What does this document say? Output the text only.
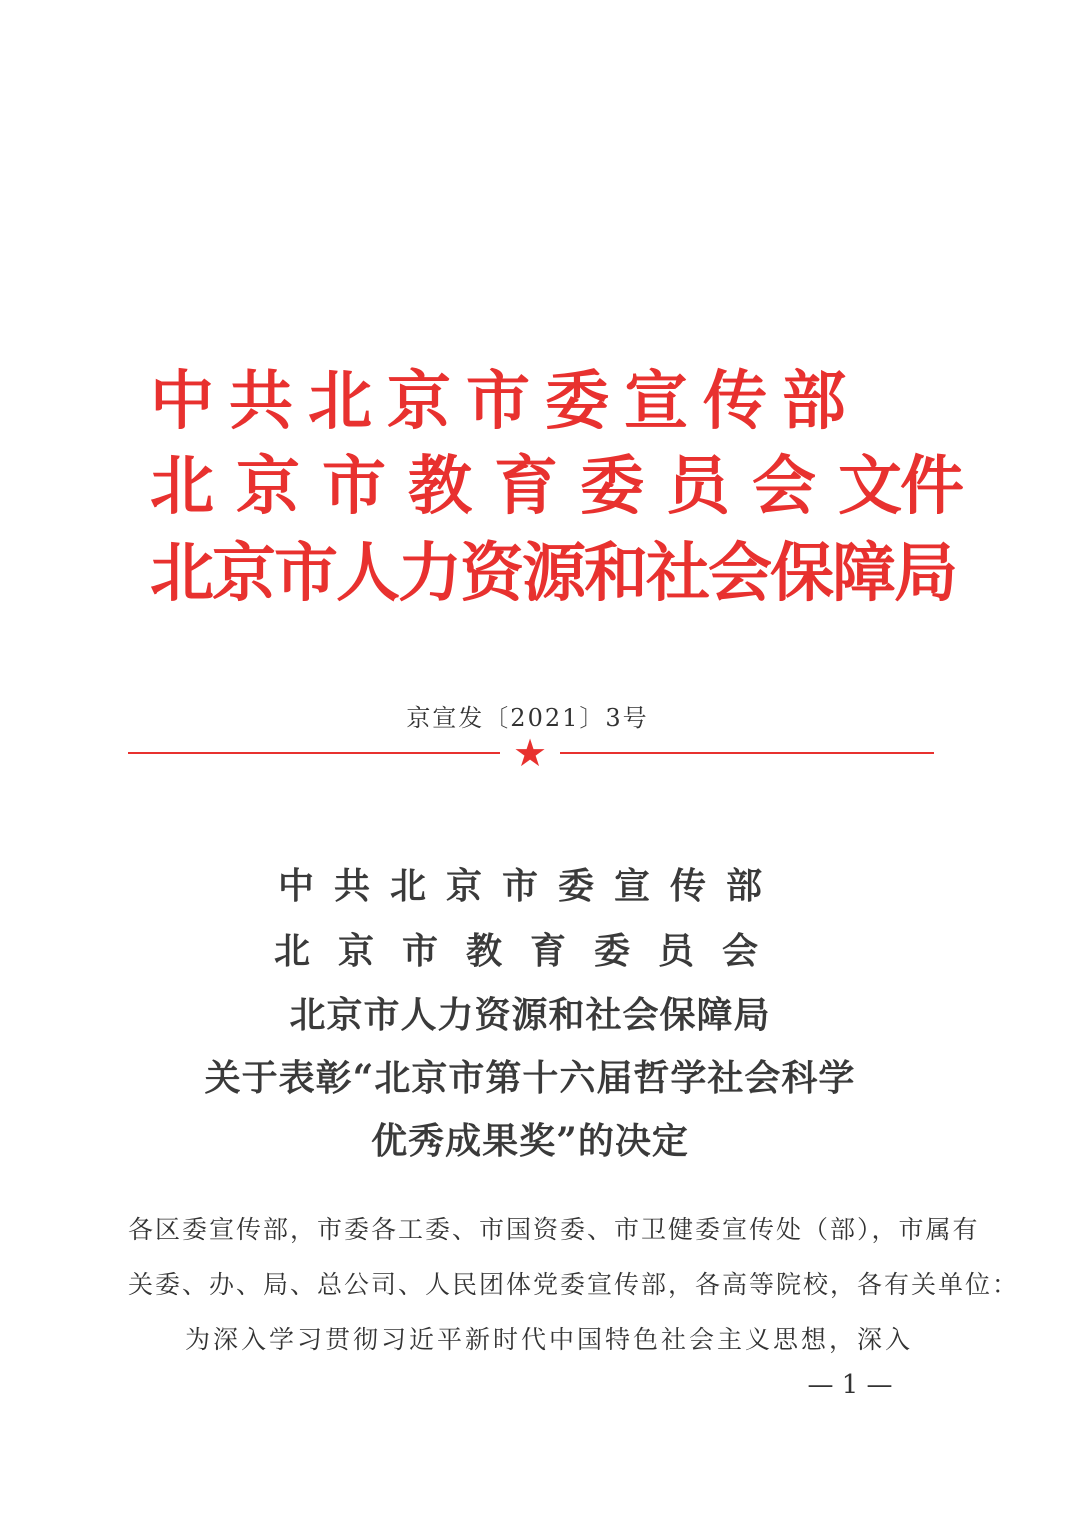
中共北京市委宣传部
北京市教育委员会文件
北京市人力资源和社会保障局
京宣发〔2021〕3号
★
中共北京市委宣传部
北京市教育委员会
北京市人力资源和社会保障局
关于表彰“北京市第十六届哲学社会科学
优秀成果奖”的决定
各区委宣传部，市委各工委、市国资委、市卫健委宣传处（部），市属有
关委、办、局、总公司、人民团体党委宣传部，各高等院校，各有关单位：
为深入学习贯彻习近平新时代中国特色社会主义思想，深入
— 1 —
